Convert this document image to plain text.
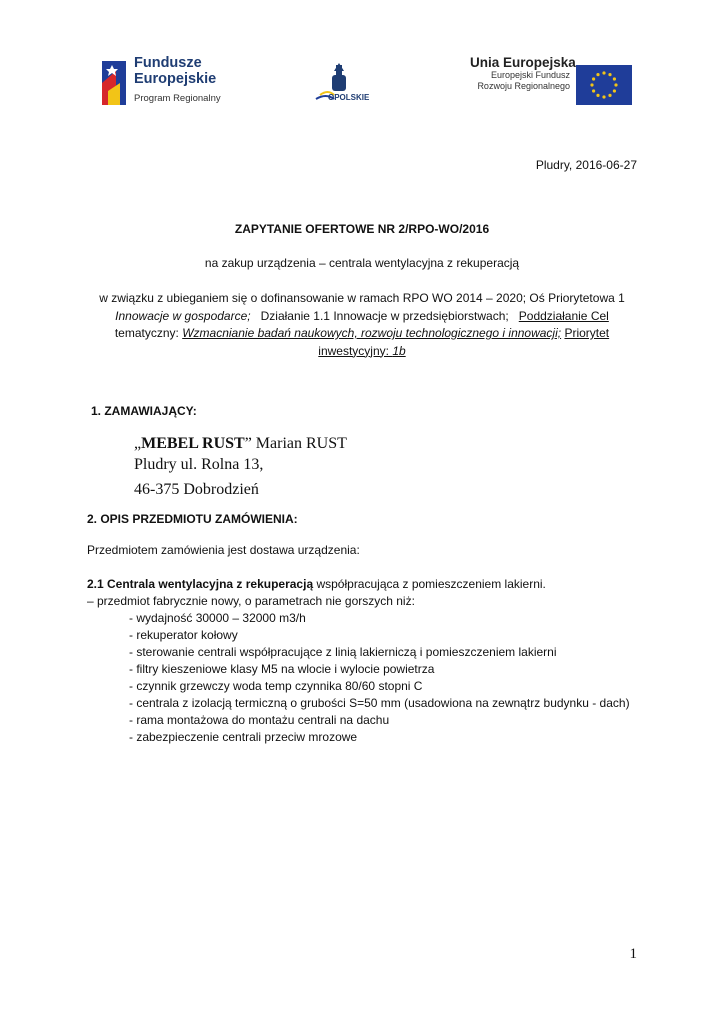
Fundusze
Europejskie
Program Regionalny	OPOLSKIE
Unia Europejska
Europejski Fundusz
Rozwoju Regionalnego
Pludry, 2016-06-27
ZAPYTANIE OFERTOWE NR 2/RPO-WO/2016
na zakup urządzenia – centrala wentylacyjna z rekuperacją
w związku z ubieganiem się o dofinansowanie w ramach RPO WO 2014 – 2020; Oś Priorytetowa 1
Innowacje w gospodarce; Działanie 1.1 Innowacje w przedsiębiorstwach; Poddziałanie Cel
tematyczny: Wzmacnianie badań naukowych, rozwoju technologicznego i innowacji; Priorytet
inwestycyjny: 1b
1. ZAMAWIAJĄCY:
„MEBEL RUST” Marian RUST
Pludry ul. Rolna 13,
46-375 Dobrodzień
2. OPIS PRZEDMIOTU ZAMÓWIENIA:
Przedmiotem zamówienia jest dostawa urządzenia:
2.1 Centrala wentylacyjna z rekuperacją współpracująca z pomieszczeniem lakierni.
– przedmiot fabrycznie nowy, o parametrach nie gorszych niż:
- wydajność 30000 – 32000 m3/h
- rekuperator kołowy
- sterowanie centrali współpracujące z linią lakierniczą i pomieszczeniem lakierni
- filtry kieszeniowe klasy M5 na wlocie i wylocie powietrza
- czynnik grzewczy woda temp czynnika 80/60 stopni C
- centrala z izolacją termiczną o grubości S=50 mm (usadowiona na zewnątrz budynku - dach)
- rama montażowa do montażu centrali na dachu
- zabezpieczenie centrali przeciw mrozowe
1
